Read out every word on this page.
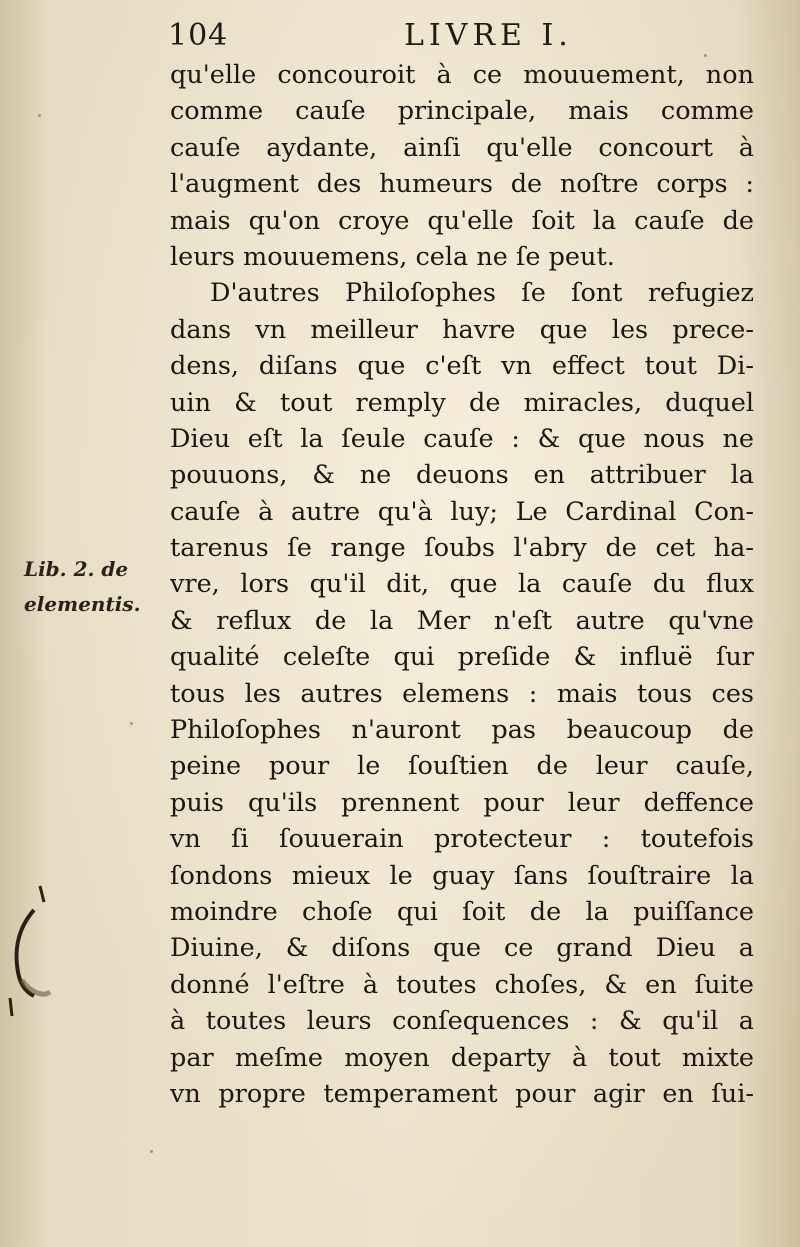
104	LIVRE I.
Lib. 2. de
elementis.
qu'elle concouroit à ce mouuement, non
comme cauſe principale, mais comme
cauſe aydante, ainſi qu'elle concourt à
l'augment des humeurs de noſtre corps :
mais qu'on croye qu'elle ſoit la cauſe de
leurs mouuemens, cela ne ſe peut.
D'autres Philoſophes ſe ſont refugiez
dans vn meilleur havre que les prece-
dens, diſans que c'eſt vn effect tout Di-
uin & tout remply de miracles, duquel
Dieu eſt la ſeule cauſe : & que nous ne
pouuons, & ne deuons en attribuer la
cauſe à autre qu'à luy; Le Cardinal Con-
tarenus ſe range ſoubs l'abry de cet ha-
vre, lors qu'il dit, que la cauſe du flux
& reflux de la Mer n'eſt autre qu'vne
qualité celeſte qui preſide & influë ſur
tous les autres elemens : mais tous ces
Philoſophes n'auront pas beaucoup de
peine pour le ſouſtien de leur cauſe,
puis qu'ils prennent pour leur deffence
vn ſi ſouuerain protecteur : toutefois
ſondons mieux le guay ſans ſouſtraire la
moindre choſe qui ſoit de la puiſſance
Diuine, & diſons que ce grand Dieu a
donné l'eſtre à toutes choſes, & en ſuite
à toutes leurs conſequences : & qu'il a
par meſme moyen departy à tout mixte
vn propre temperament pour agir en ſui-
